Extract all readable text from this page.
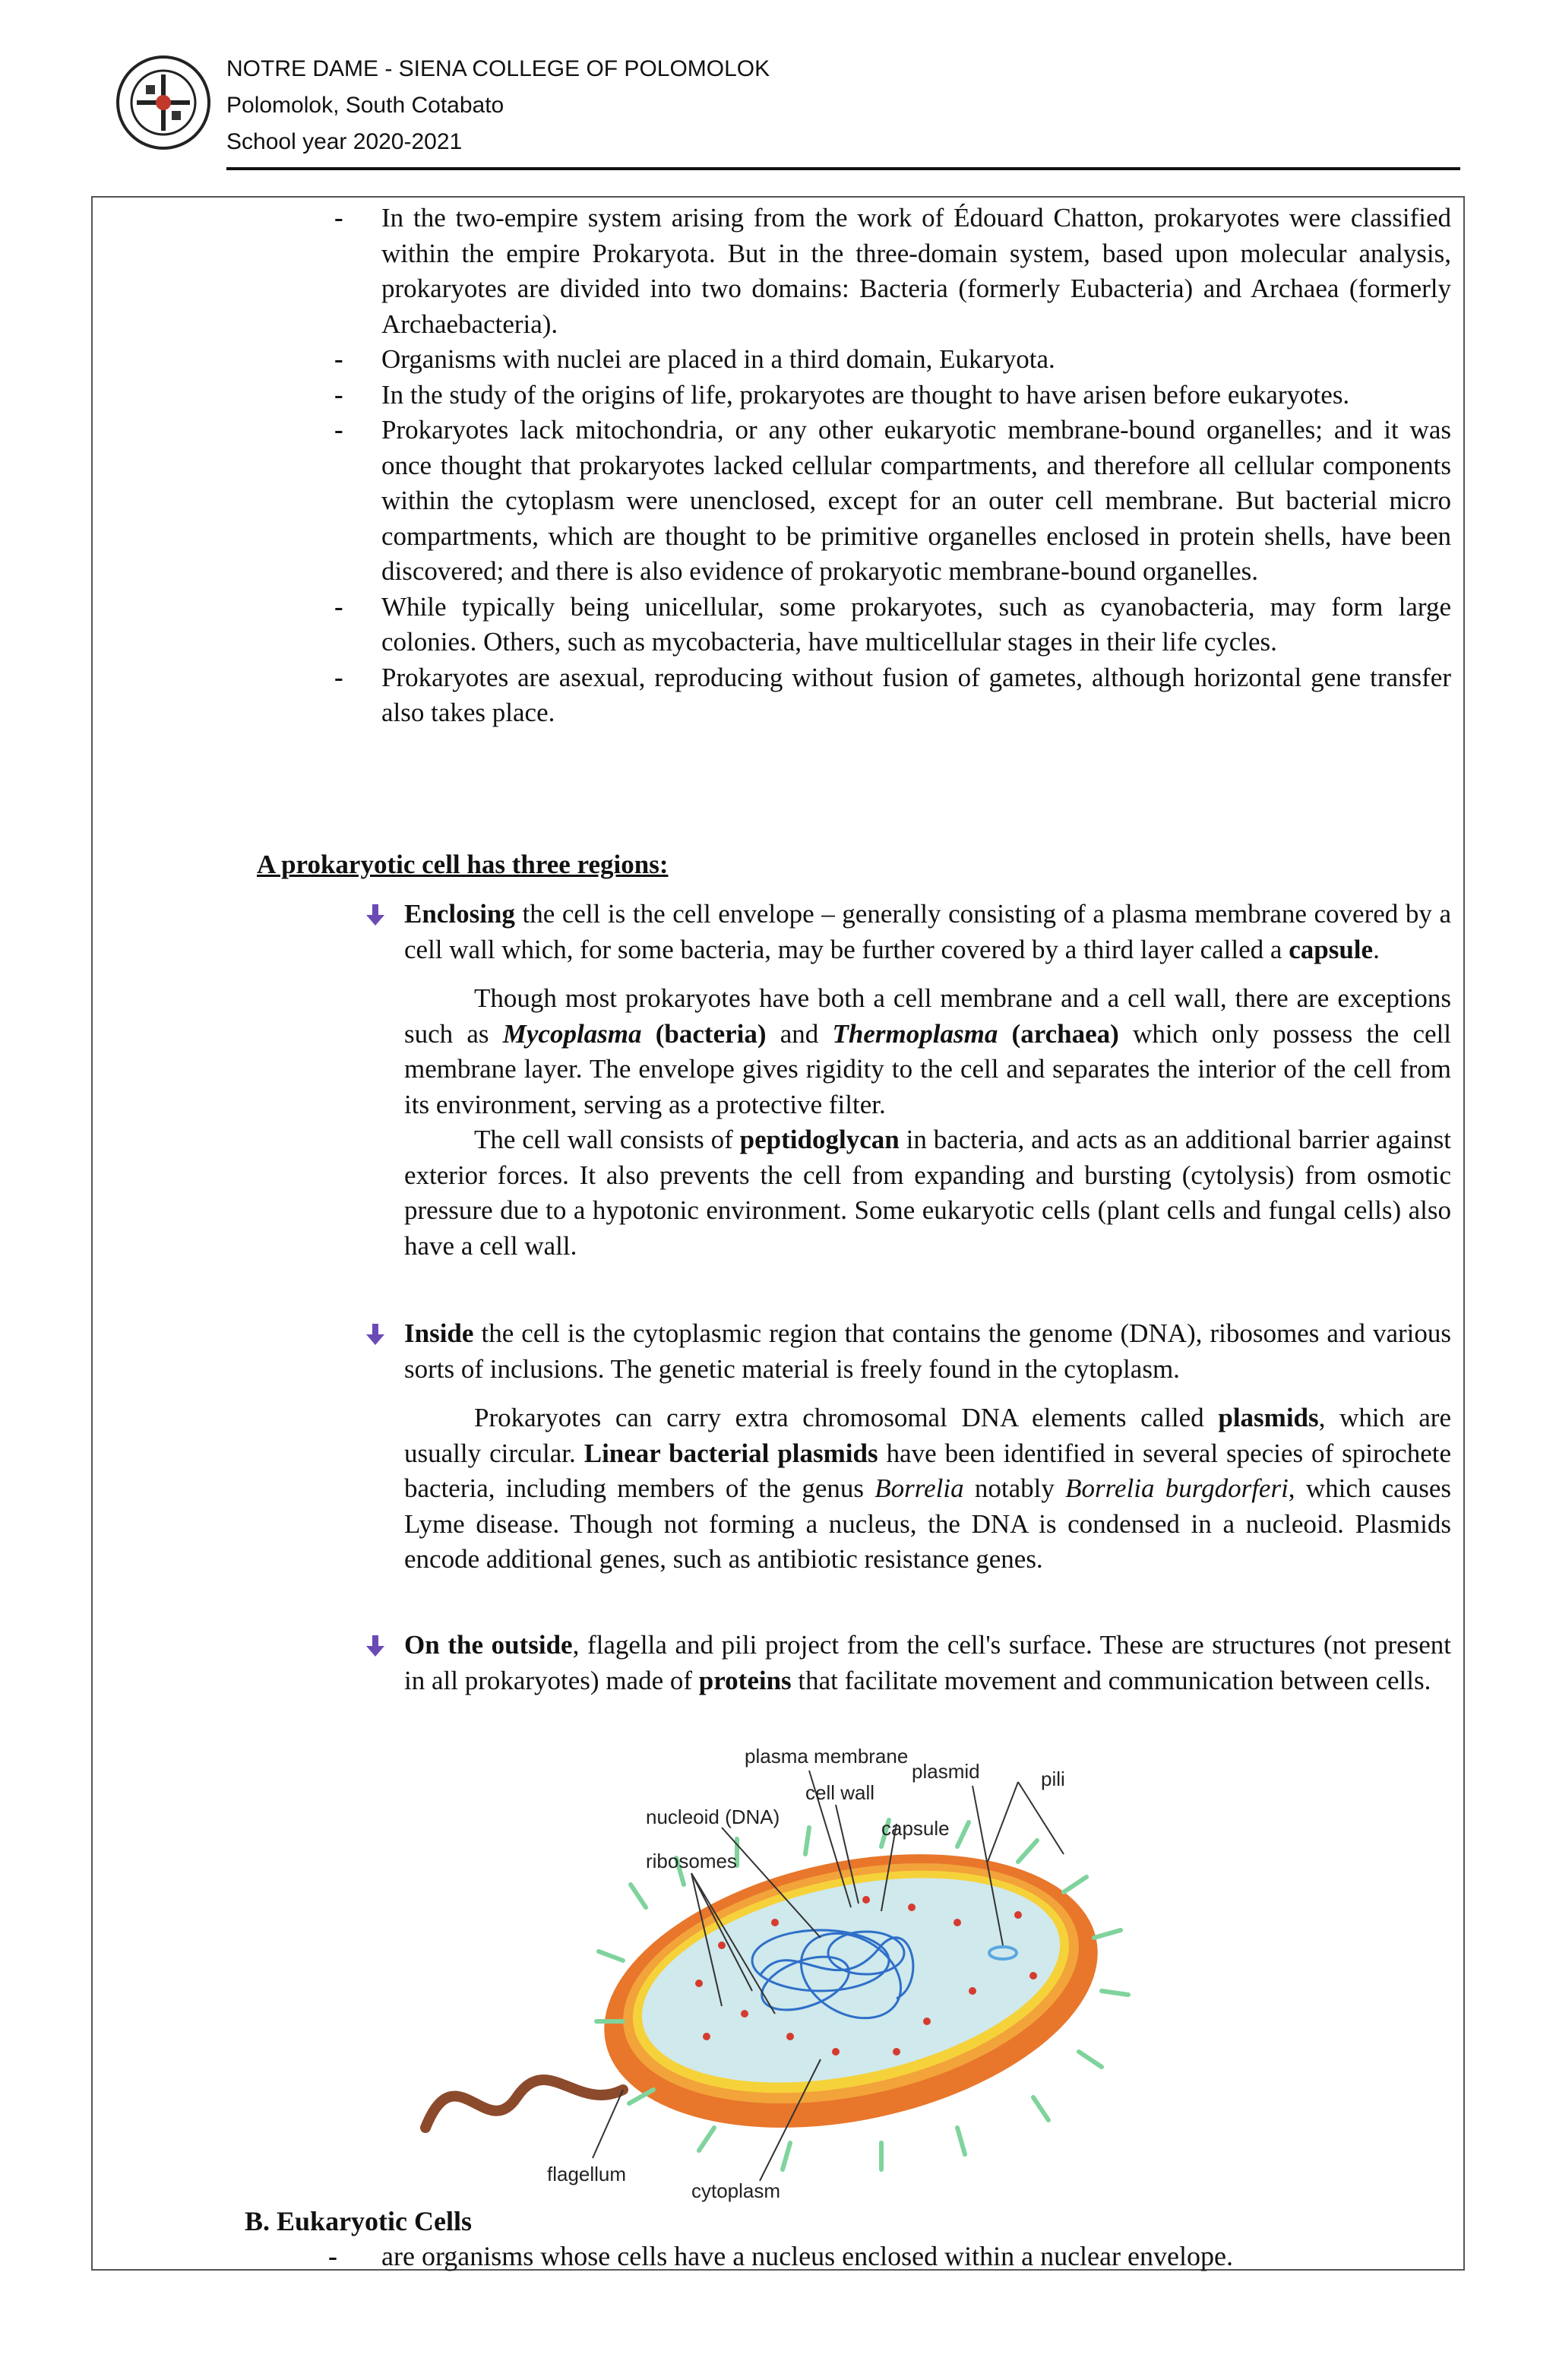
NOTRE DAME - SIENA COLLEGE OF POLOMOLOK
Polomolok, South Cotabato
School year 2020-2021
- In the two-empire system arising from the work of Édouard Chatton, prokaryotes were classified within the empire Prokaryota. But in the three-domain system, based upon molecular analysis, prokaryotes are divided into two domains: Bacteria (formerly Eubacteria) and Archaea (formerly Archaebacteria).
- Organisms with nuclei are placed in a third domain, Eukaryota.
- In the study of the origins of life, prokaryotes are thought to have arisen before eukaryotes.
- Prokaryotes lack mitochondria, or any other eukaryotic membrane-bound organelles; and it was once thought that prokaryotes lacked cellular compartments, and therefore all cellular components within the cytoplasm were unenclosed, except for an outer cell membrane. But bacterial micro compartments, which are thought to be primitive organelles enclosed in protein shells, have been discovered; and there is also evidence of prokaryotic membrane-bound organelles.
- While typically being unicellular, some prokaryotes, such as cyanobacteria, may form large colonies. Others, such as mycobacteria, have multicellular stages in their life cycles.
- Prokaryotes are asexual, reproducing without fusion of gametes, although horizontal gene transfer also takes place.
A prokaryotic cell has three regions:
Enclosing the cell is the cell envelope – generally consisting of a plasma membrane covered by a cell wall which, for some bacteria, may be further covered by a third layer called a capsule.
Though most prokaryotes have both a cell membrane and a cell wall, there are exceptions such as Mycoplasma (bacteria) and Thermoplasma (archaea) which only possess the cell membrane layer. The envelope gives rigidity to the cell and separates the interior of the cell from its environment, serving as a protective filter.
The cell wall consists of peptidoglycan in bacteria, and acts as an additional barrier against exterior forces. It also prevents the cell from expanding and bursting (cytolysis) from osmotic pressure due to a hypotonic environment. Some eukaryotic cells (plant cells and fungal cells) also have a cell wall.
Inside the cell is the cytoplasmic region that contains the genome (DNA), ribosomes and various sorts of inclusions. The genetic material is freely found in the cytoplasm.
Prokaryotes can carry extra chromosomal DNA elements called plasmids, which are usually circular. Linear bacterial plasmids have been identified in several species of spirochete bacteria, including members of the genus Borrelia notably Borrelia burgdorferi, which causes Lyme disease. Though not forming a nucleus, the DNA is condensed in a nucleoid. Plasmids encode additional genes, such as antibiotic resistance genes.
On the outside, flagella and pili project from the cell's surface. These are structures (not present in all prokaryotes) made of proteins that facilitate movement and communication between cells.
plasma membrane
cell wall
plasmid	pili
capsule
nucleoid (DNA)
ribosomes
flagellum
cytoplasm
B. Eukaryotic Cells
- are organisms whose cells have a nucleus enclosed within a nuclear envelope.
